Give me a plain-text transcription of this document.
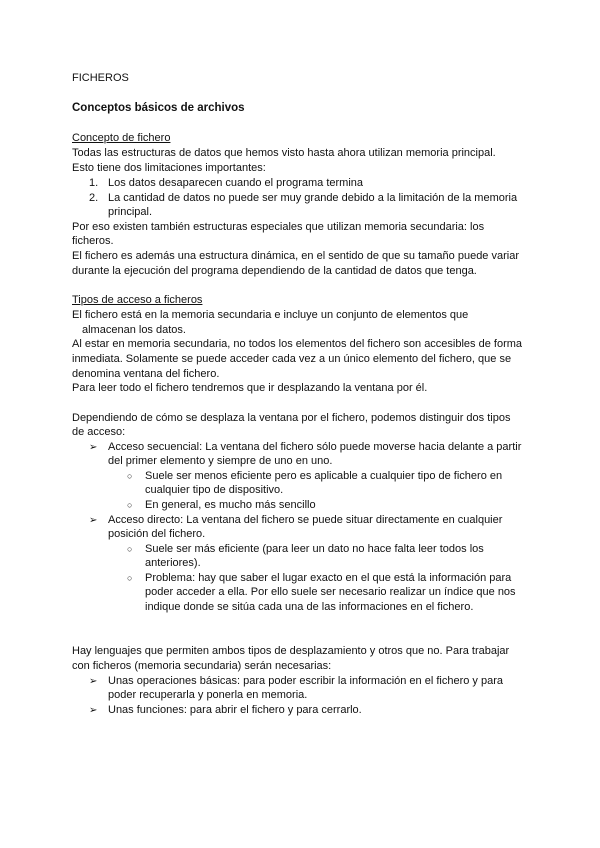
FICHEROS
Conceptos básicos de archivos
Concepto de fichero
Todas las estructuras de datos que hemos visto hasta ahora utilizan memoria principal.
Esto tiene dos limitaciones importantes:
1. Los datos desaparecen cuando el programa termina
2. La cantidad de datos no puede ser muy grande debido a la limitación de la memoria
principal.
Por eso existen también estructuras especiales que utilizan memoria secundaria: los
ficheros.
El fichero es además una estructura dinámica, en el sentido de que su tamaño puede variar
durante la ejecución del programa dependiendo de la cantidad de datos que tenga.
Tipos de acceso a ficheros
El fichero está en la memoria secundaria e incluye un conjunto de elementos que
almacenan los datos.
Al estar en memoria secundaria, no todos los elementos del fichero son accesibles de forma
inmediata. Solamente se puede acceder cada vez a un único elemento del fichero, que se
denomina ventana del fichero.
Para leer todo el fichero tendremos que ir desplazando la ventana por él.
Dependiendo de cómo se desplaza la ventana por el fichero, podemos distinguir dos tipos
de acceso:
➢ Acceso secuencial: La ventana del fichero sólo puede moverse hacia delante a partir
del primer elemento y siempre de uno en uno.
○	Suele ser menos eficiente pero es aplicable a cualquier tipo de fichero en
cualquier tipo de dispositivo.
○	En general, es mucho más sencillo
➢ Acceso directo: La ventana del fichero se puede situar directamente en cualquier
posición del fichero.
○	Suele ser más eficiente (para leer un dato no hace falta leer todos los
anteriores).
○	Problema: hay que saber el lugar exacto en el que está la información para
poder acceder a ella. Por ello suele ser necesario realizar un índice que nos
indique donde se sitúa cada una de las informaciones en el fichero.
Hay lenguajes que permiten ambos tipos de desplazamiento y otros que no. Para trabajar
con ficheros (memoria secundaria) serán necesarias:
➢ Unas operaciones básicas: para poder escribir la información en el fichero y para
poder recuperarla y ponerla en memoria.
➢ Unas funciones: para abrir el fichero y para cerrarlo.
